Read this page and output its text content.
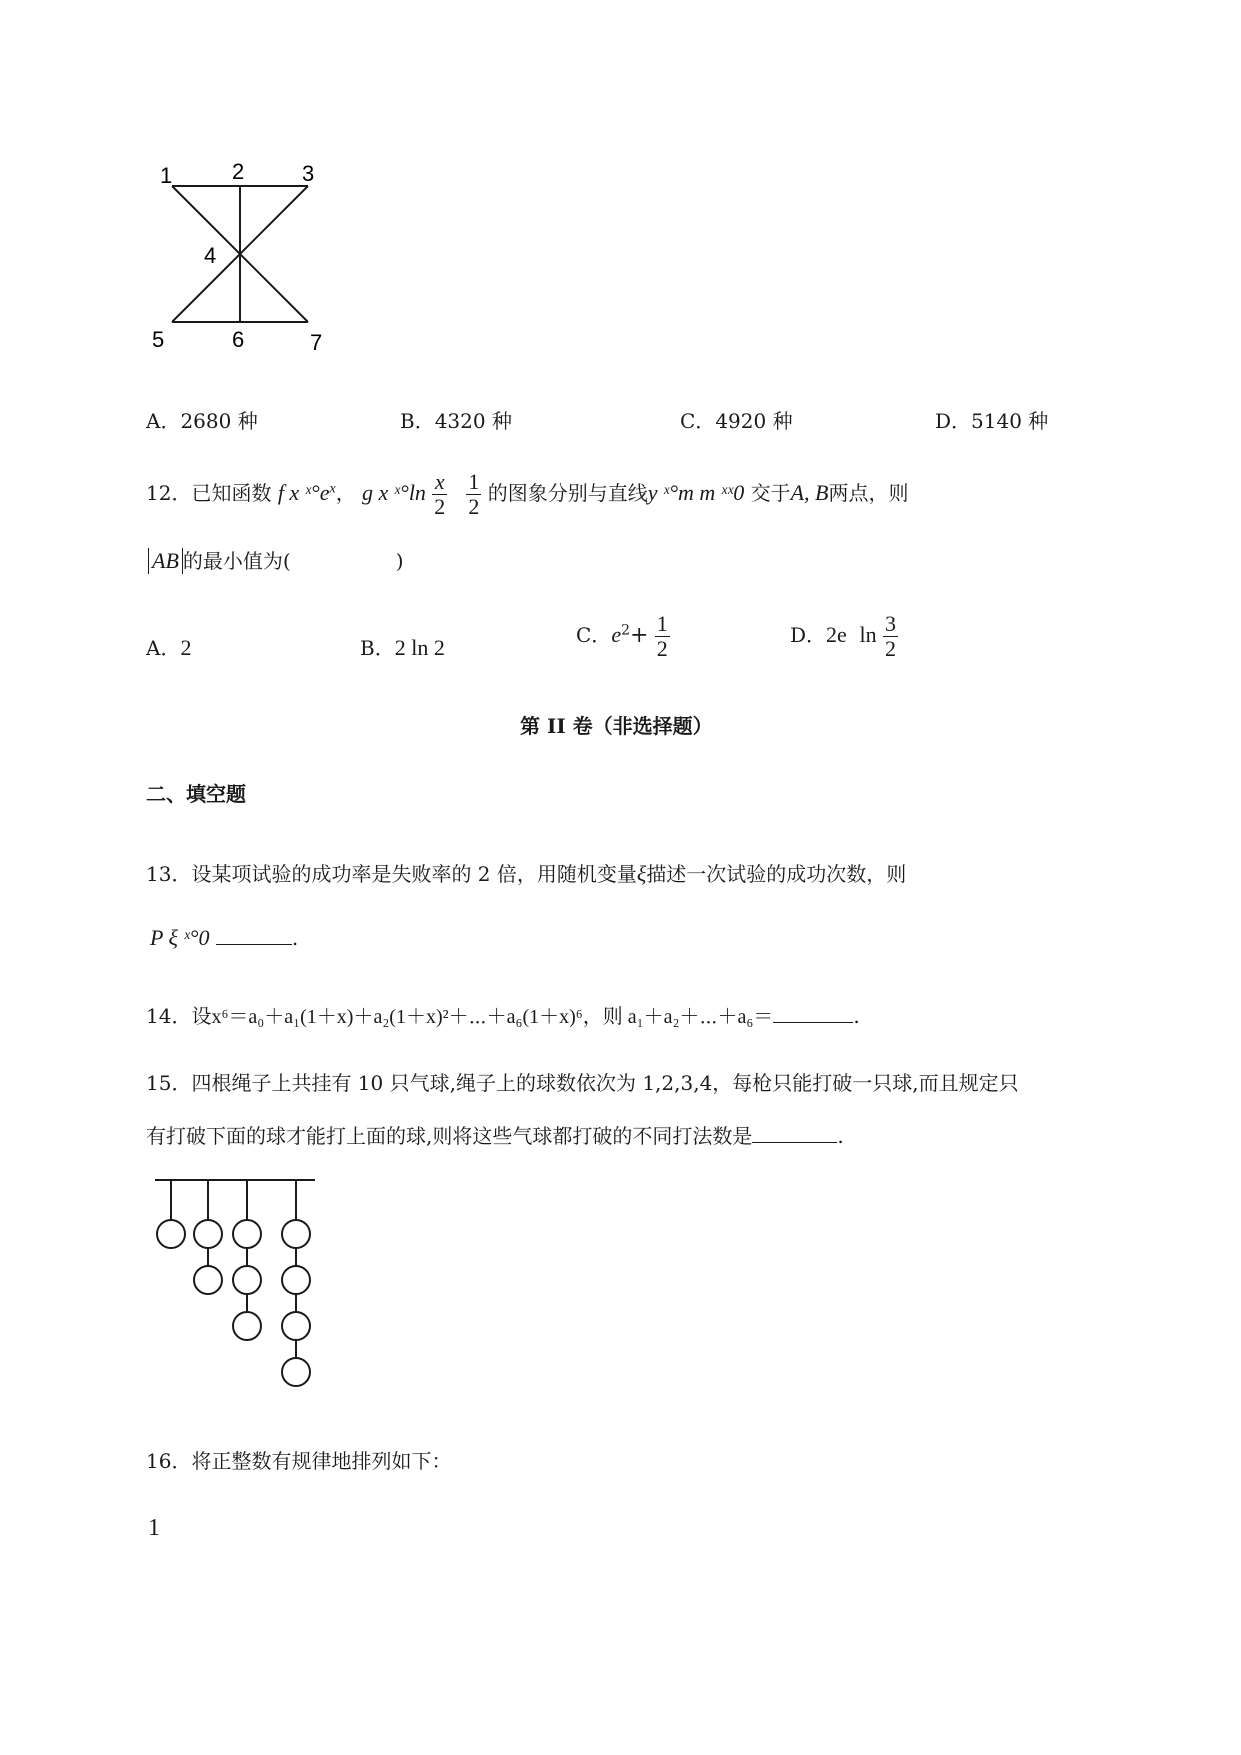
1	2	3
4
5	6	7
A．2680 种	B．4320 种	C．4920 种	D．5140 种
12．已知函数 f x $ˣ^\circ e^x$， g x ˣ°ln $\frac{x}{2}$
$\frac{1}{2}$ 的图象分别与直线y ˣ°m m ˣˣ0 交于A, B两点，则
AB 的最小值为(	)
A．2	B．2 ln 2	C．$e^2+ \frac{1}{2}$	D．2e $\ln \frac{3}{2}$
第 II 卷（非选择题）
二、填空题
13．设某项试验的成功率是失败率的 2 倍，用随机变量ξ描述一次试验的成功次数，则
P ξ ˣ°0	.
14．设x⁶＝a₀＋a₁(1＋x)＋a₂(1＋x)²＋⋯＋a₆(1＋x)⁶，则 a₁＋a₂＋⋯＋a₆＝	.
15．四根绳子上共挂有 10 只气球,绳子上的球数依次为 1,2,3,4，每枪只能打破一只球,而且规定只
有打破下面的球才能打上面的球,则将这些气球都打破的不同打法数是	.
16．将正整数有规律地排列如下：
1
